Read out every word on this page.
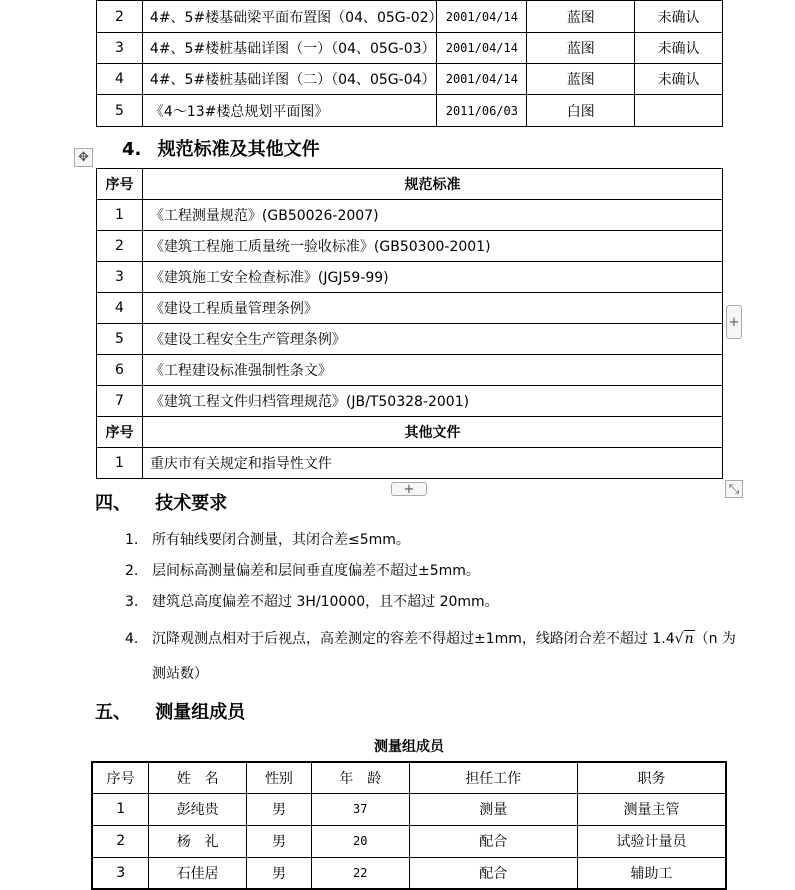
2	4#、5#楼基础梁平面布置图（04、05G-02）	2001/04/14	蓝图	未确认
3	4#、5#楼桩基础详图（一）（04、05G-03）	2001/04/14	蓝图	未确认
4	4#、5#楼桩基础详图（二）（04、05G-04）	2001/04/14	蓝图	未确认
5	《4～13#楼总规划平面图》	2011/06/03	白图	
4. 规范标准及其他文件
✥
序号	规范标准
1	《工程测量规范》(GB50026-2007)
2	《建筑工程施工质量统一验收标准》(GB50300-2001)
3	《建筑施工安全检查标准》(JGJ59-99)
4	《建设工程质量管理条例》
5	《建设工程安全生产管理条例》
6	《工程建设标准强制性条文》
7	《建筑工程文件归档管理规范》(JB/T50328-2001)
序号	其他文件
1	重庆市有关规定和指导性文件
+
+	⤡
四、 技术要求
1. 所有轴线要闭合测量，其闭合差≤5mm。
2. 层间标高测量偏差和层间垂直度偏差不超过±5mm。
3. 建筑总高度偏差不超过 3H/10000，且不超过 20mm。
4. 沉降观测点相对于后视点，高差测定的容差不得超过±1mm，线路闭合差不超过 1.4√n（n 为
测站数）
五、 测量组成员
测量组成员
序号	姓　名	性别	年　龄	担任工作	职务
1	彭纯贵	男	37	测量	测量主管
2	杨　礼	男	20	配合	试验计量员
3	石佳居	男	22	配合	辅助工
